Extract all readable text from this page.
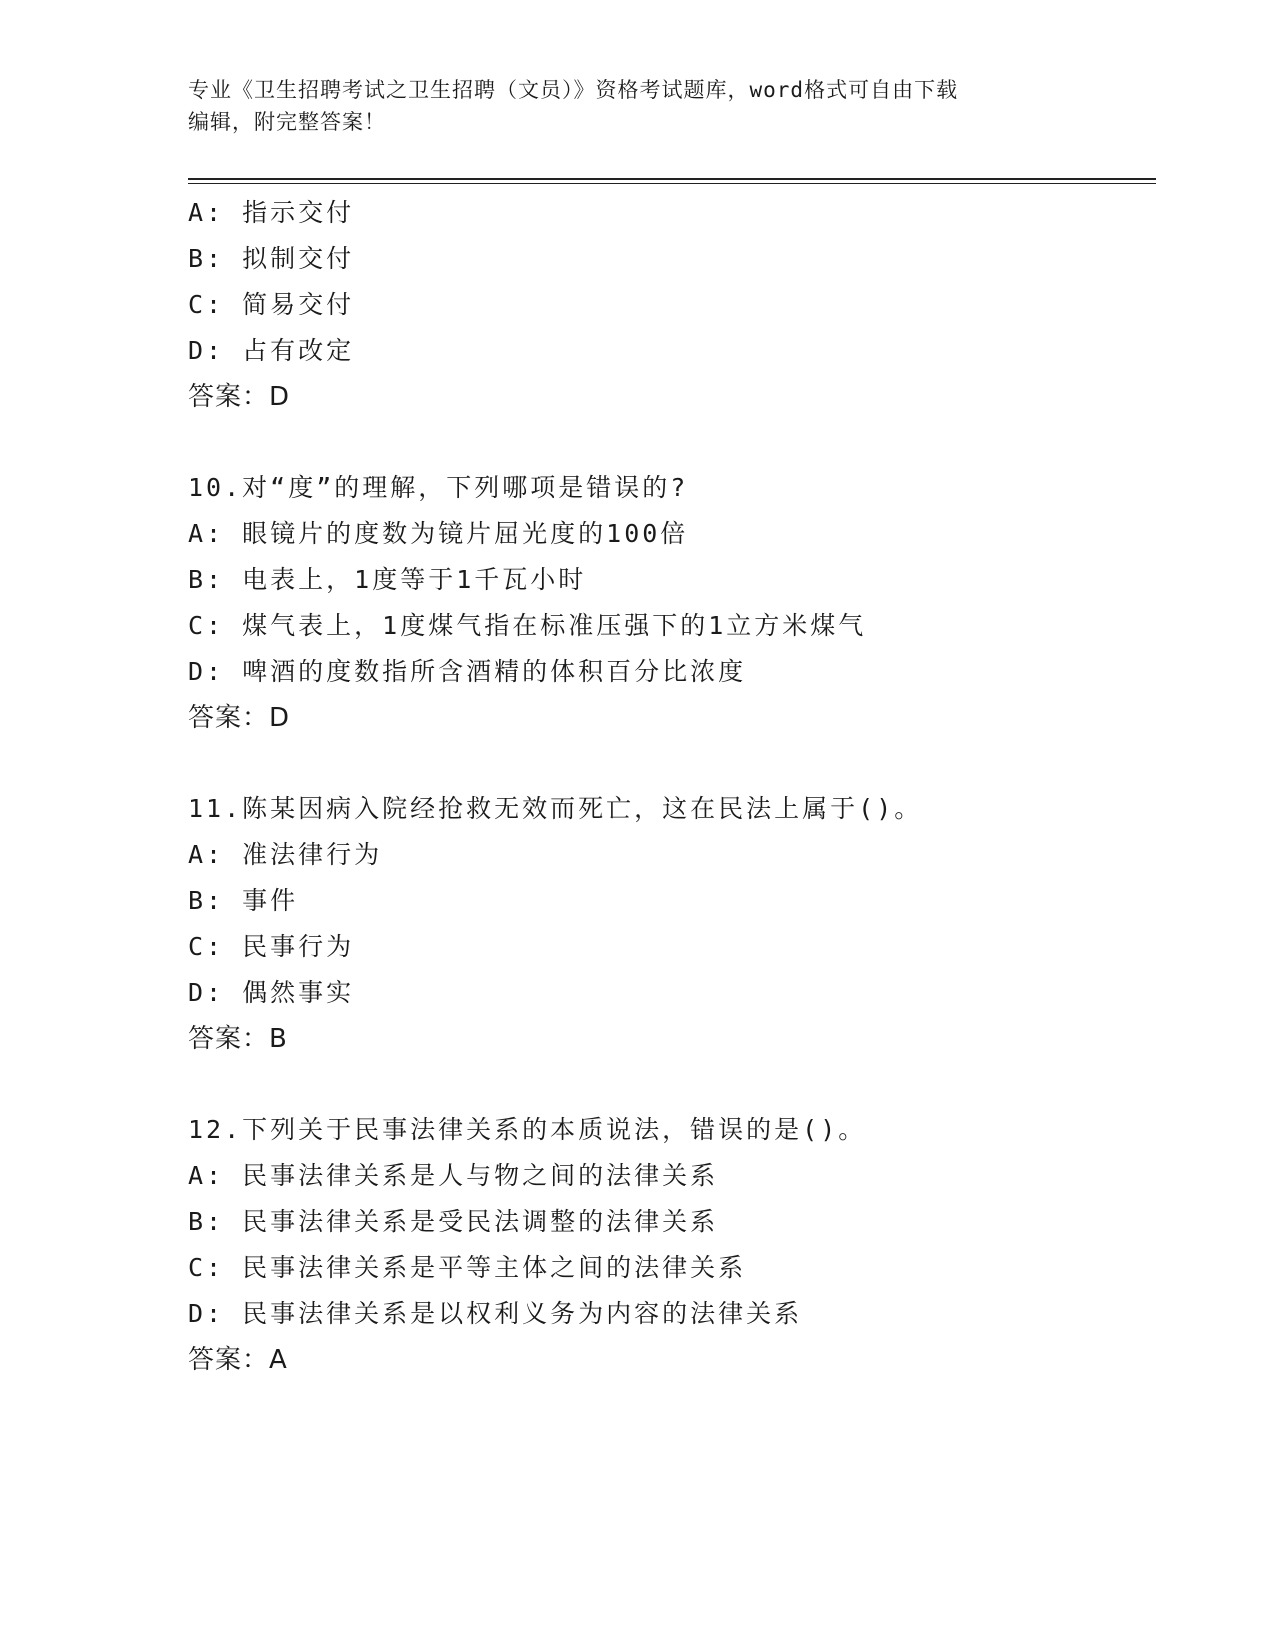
专业《卫生招聘考试之卫生招聘（文员）》资格考试题库，word格式可自由下载
编辑，附完整答案！
A: 指示交付
B: 拟制交付
C: 简易交付
D: 占有改定
答案：D
10.对“度”的理解，下列哪项是错误的?
A: 眼镜片的度数为镜片屈光度的100倍
B: 电表上，1度等于1千瓦小时
C: 煤气表上，1度煤气指在标准压强下的1立方米煤气
D: 啤酒的度数指所含酒精的体积百分比浓度
答案：D
11.陈某因病入院经抢救无效而死亡，这在民法上属于()。
A: 准法律行为
B: 事件
C: 民事行为
D: 偶然事实
答案：B
12.下列关于民事法律关系的本质说法，错误的是()。
A: 民事法律关系是人与物之间的法律关系
B: 民事法律关系是受民法调整的法律关系
C: 民事法律关系是平等主体之间的法律关系
D: 民事法律关系是以权利义务为内容的法律关系
答案：A
